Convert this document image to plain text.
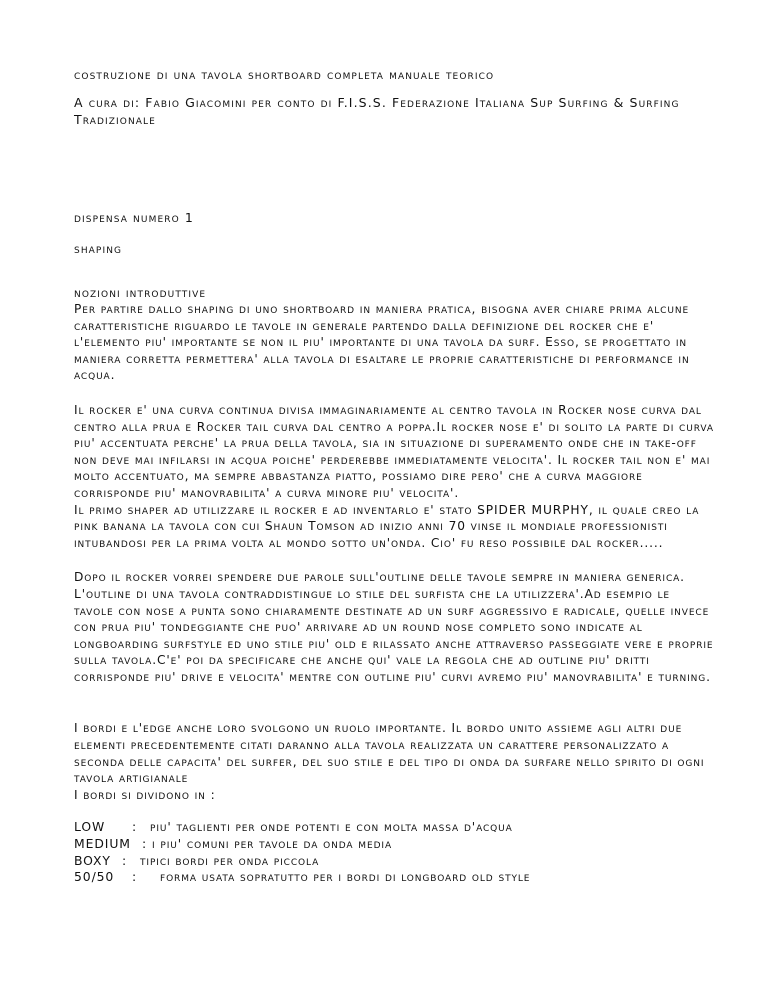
costruzione di una tavola shortboard completa manuale teorico

A cura di: Fabio Giacomini per conto di F.I.S.S. Federazione Italiana Sup Surfing & Surfing Tradizionale

dispensa numero 1

shaping

nozioni introduttive

Per partire dallo shaping di uno shortboard in maniera pratica, bisogna aver chiare prima alcune caratteristiche riguardo le tavole in generale partendo dalla definizione del rocker che e' l'elemento piu' importante se non il piu' importante di una tavola da surf. Esso, se progettato in maniera corretta permettera' alla tavola di esaltare le proprie caratteristiche di performance in acqua.

Il rocker e' una curva continua divisa immaginariamente al centro tavola in Rocker nose curva dal centro alla prua e Rocker tail curva dal centro a poppa.Il rocker nose e' di solito la parte di curva piu' accentuata perche' la prua della tavola, sia in situazione di superamento onde che in take-off non deve mai infilarsi in acqua poiche' perderebbe immediatamente velocita'. Il rocker tail non e' mai molto accentuato, ma sempre abbastanza piatto, possiamo dire pero' che a curva maggiore corrisponde piu' manovrabilita' a curva minore piu' velocita'.
Il primo shaper ad utilizzare il rocker e ad inventarlo e' stato SPIDER MURPHY, il quale creo la pink banana la tavola con cui Shaun Tomson ad inizio anni 70 vinse il mondiale professionisti intubandosi per la prima volta al mondo sotto un'onda. Cio' fu reso possibile dal rocker.....

Dopo il rocker vorrei spendere due parole sull'outline delle tavole sempre in maniera generica.
L'outline di una tavola contraddistingue lo stile del surfista che la utilizzera'.Ad esempio le tavole con nose a punta sono chiaramente destinate ad un surf aggressivo e radicale, quelle invece con prua piu' tondeggiante che puo' arrivare ad un round nose completo sono indicate al longboarding surfstyle ed uno stile piu' old e rilassato anche attraverso passeggiate vere e proprie sulla tavola.C'e' poi da specificare che anche qui' vale la regola che ad outline piu' dritti corrisponde piu' drive e velocita' mentre con outline piu' curvi avremo piu' manovrabilita' e turning.

I bordi e l'edge anche loro svolgono un ruolo importante. Il bordo unito assieme agli altri due elementi precedentemente citati daranno alla tavola realizzata un carattere personalizzato a seconda delle capacita' del surfer, del suo stile e del tipo di onda da surfare nello spirito di ogni tavola artigianale
I bordi si dividono in :

LOW	:	piu' taglienti per onde potenti e con molta massa d'acqua
MEDIUM : i piu' comuni per tavole da onda media
BOXY :	tipici bordi per onda piccola
50/50	:	forma usata sopratutto per i bordi di longboard old style
